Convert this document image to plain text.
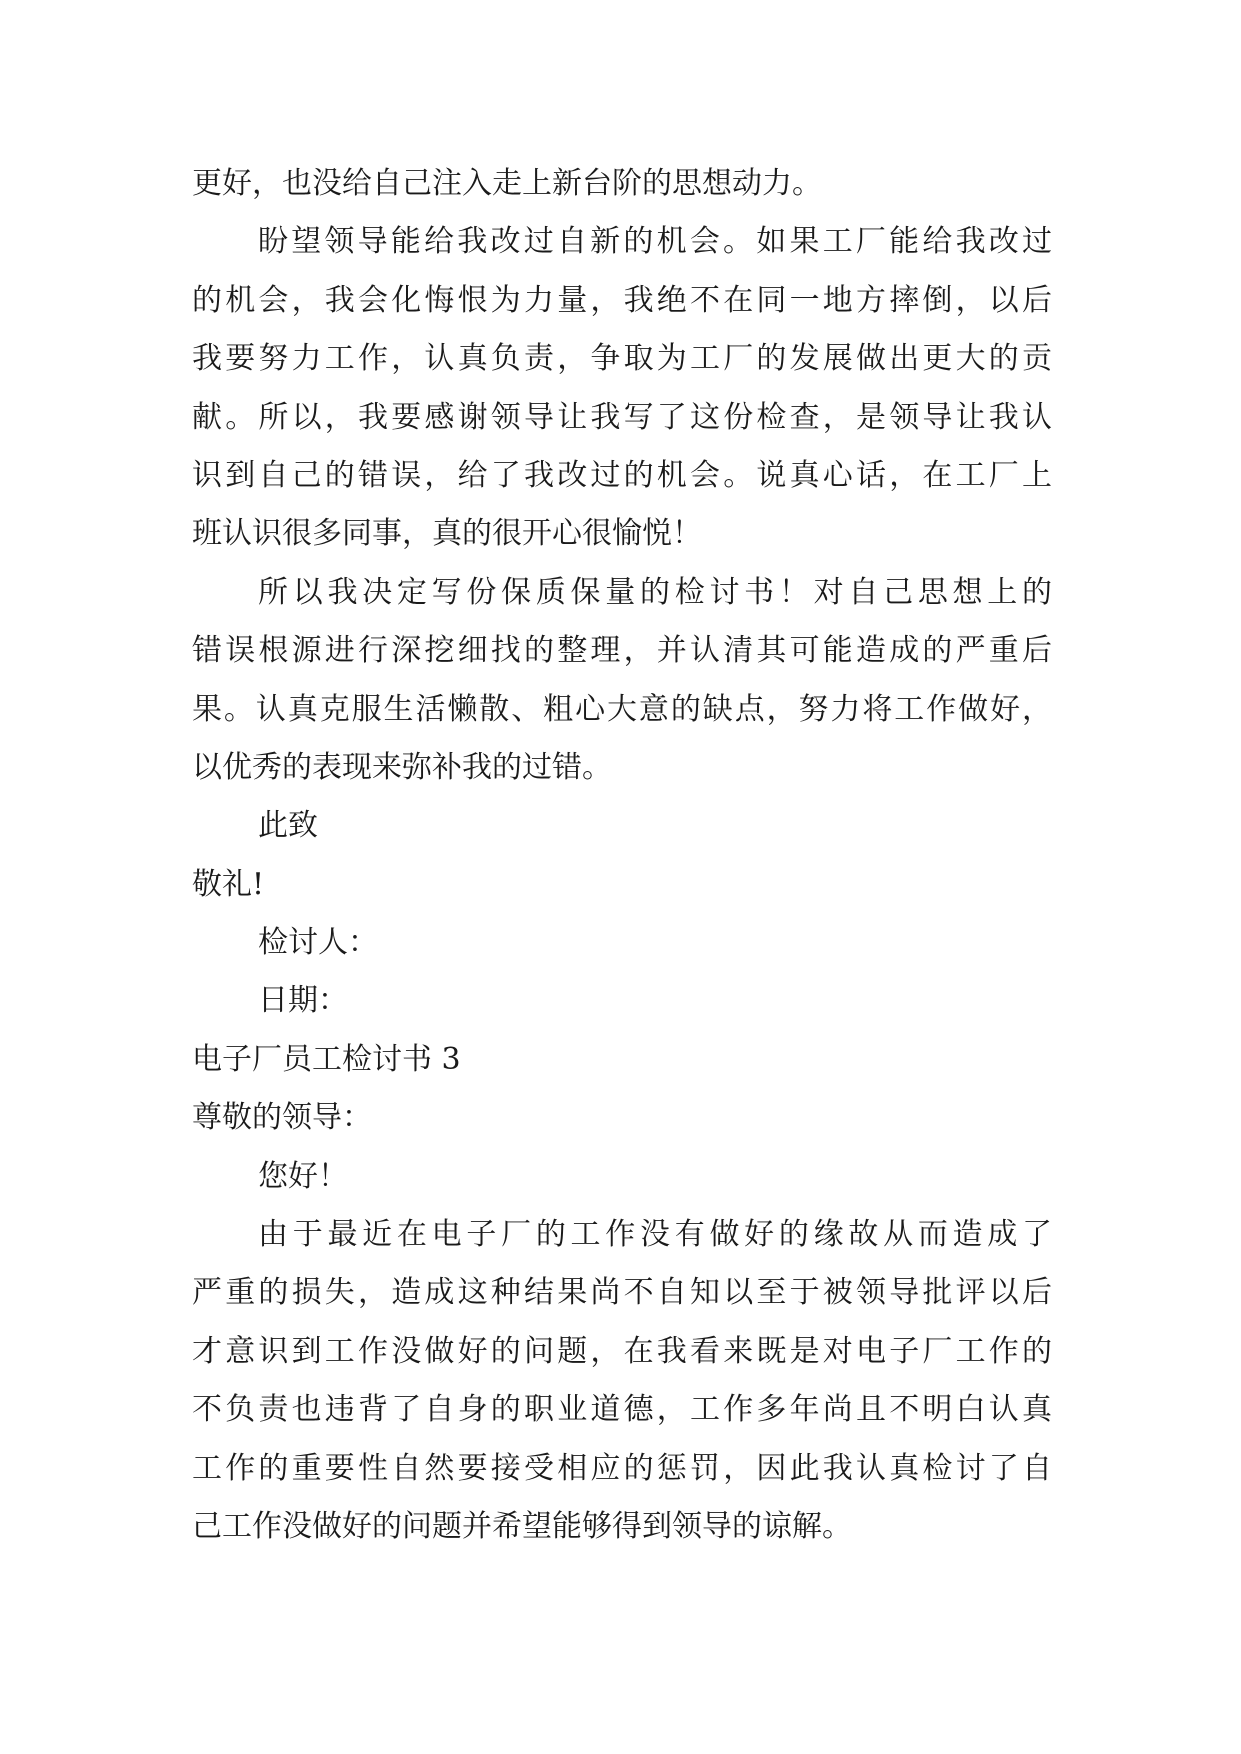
更好，也没给自己注入走上新台阶的思想动力。
盼望领导能给我改过自新的机会。如果工厂能给我改过
的机会，我会化悔恨为力量，我绝不在同一地方摔倒，以后
我要努力工作，认真负责，争取为工厂的发展做出更大的贡
献。所以，我要感谢领导让我写了这份检查，是领导让我认
识到自己的错误，给了我改过的机会。说真心话，在工厂上
班认识很多同事，真的很开心很愉悦！
所以我决定写份保质保量的检讨书！对自己思想上的
错误根源进行深挖细找的整理，并认清其可能造成的严重后
果。认真克服生活懒散、粗心大意的缺点，努力将工作做好，
以优秀的表现来弥补我的过错。
此致
敬礼!
检讨人：
日期：
电子厂员工检讨书 3
尊敬的领导：
您好！
由于最近在电子厂的工作没有做好的缘故从而造成了
严重的损失，造成这种结果尚不自知以至于被领导批评以后
才意识到工作没做好的问题，在我看来既是对电子厂工作的
不负责也违背了自身的职业道德，工作多年尚且不明白认真
工作的重要性自然要接受相应的惩罚，因此我认真检讨了自
己工作没做好的问题并希望能够得到领导的谅解。
